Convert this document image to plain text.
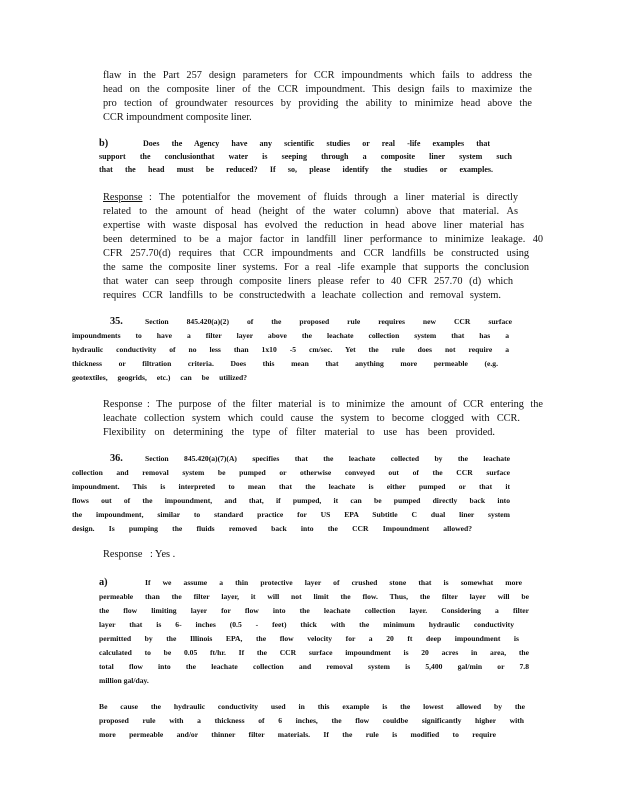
flaw in the Part 257 design parameters for CCR impoundments which fails to address the
head on the composite liner of the CCR impoundment. This design fails to maximize the
pro tection of groundwater resources by providing the ability to minimize head above the
CCR impoundment composite liner.
b)	Does the Agency have any scientific studies or real -life examples that
support the conclusionthat water is seeping through a composite liner system such
that the head must be reduced? If so, please identify the studies or examples.
Response : The potentialfor the movement of fluids through a liner material is directly
related to the amount of head (height of the water column) above that material. As
expertise with waste disposal has evolved the reduction in head above liner material has
been determined to be a major factor in landfill liner performance to minimize leakage. 40
CFR 257.70(d) requires that CCR impoundments and CCR landfills be constructed using
the same the composite liner systems. For a real -life example that supports the conclusion
that water can seep through composite liners please refer to 40 CFR 257.70 (d) which
requires CCR landfills to be constructedwith a leachate collection and removal system.
35.	Section 845.420(a)(2) of the proposed rule requires new CCR surface
impoundments to have a filter layer above the leachate collection system that has a
hydraulic conductivity of no less than 1x10 -5 cm/sec. Yet the rule does not require a
thickness or filtration criteria. Does this mean that anything more permeable (e.g.
geotextiles, geogrids, etc.) can be utilized?
Response : The purpose of the filter material is to minimize the amount of CCR entering the
leachate collection system which could cause the system to become clogged with CCR.
Flexibility on determining the type of filter material to use has been provided.
36.	Section 845.420(a)(7)(A) specifies that the leachate collected by the leachate
collection and removal system be pumped or otherwise conveyed out of the CCR surface
impoundment. This is interpreted to mean that the leachate is either pumped or that it
flows out of the impoundment, and that, if pumped, it can be pumped directly back into
the impoundment, similar to standard practice for US EPA Subtitle C dual liner system
design. Is pumping the fluids removed back into the CCR Impoundment allowed?
Response : Yes .
a)	If we assume a thin protective layer of crushed stone that is somewhat more
permeable than the filter layer, it will not limit the flow. Thus, the filter layer will be
the flow limiting layer for flow into the leachate collection layer. Considering a filter
layer that is 6- inches (0.5 - feet) thick with the minimum hydraulic conductivity
permitted by the Illinois EPA, the flow velocity for a 20 ft deep impoundment is
calculated to be 0.05 ft/hr. If the CCR surface impoundment is 20 acres in area, the
total flow into the leachate collection and removal system is 5,400 gal/min or 7.8
million gal/day.
Be cause the hydraulic conductivity used in this example is the lowest allowed by the
proposed rule with a thickness of 6 inches, the flow couldbe significantly higher with
more permeable and/or thinner filter materials. If the rule is modified to require
